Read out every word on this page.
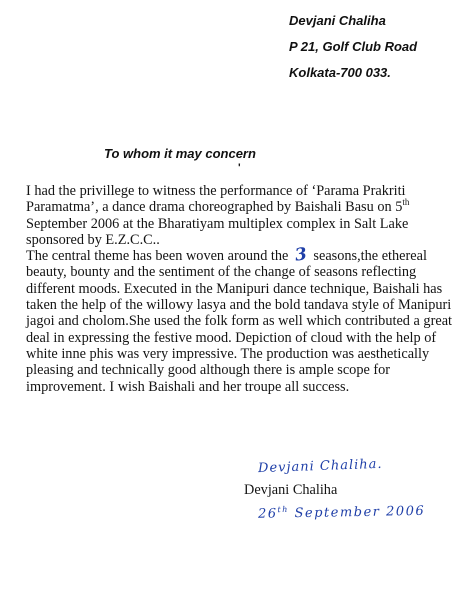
Devjani Chaliha
P 21, Golf Club Road
Kolkata-700 033.
To whom it may concern
'

I had the privillege to witness the performance of ‘Parama Prakriti Paramatma’, a dance drama choreographed by Baishali Basu on 5th September 2006 at the Bharatiyam multiplex complex in Salt Lake sponsored by E.Z.C.C..

The central theme has been woven around the 3 seasons,the ethereal beauty, bounty and the sentiment of the change of seasons reflecting different moods. Executed in the Manipuri dance technique, Baishali has taken the help of the willowy lasya and the bold tandava style of Manipuri jagoi and cholom.She used the folk form as well which contributed a great deal in expressing the festive mood. Depiction of cloud with the help of white inne phis was very impressive. The production was aesthetically pleasing and technically good although there is ample scope for improvement. I wish Baishali and her troupe all success.

Devjani Chaliha.
Devjani Chaliha
26th September 2006
